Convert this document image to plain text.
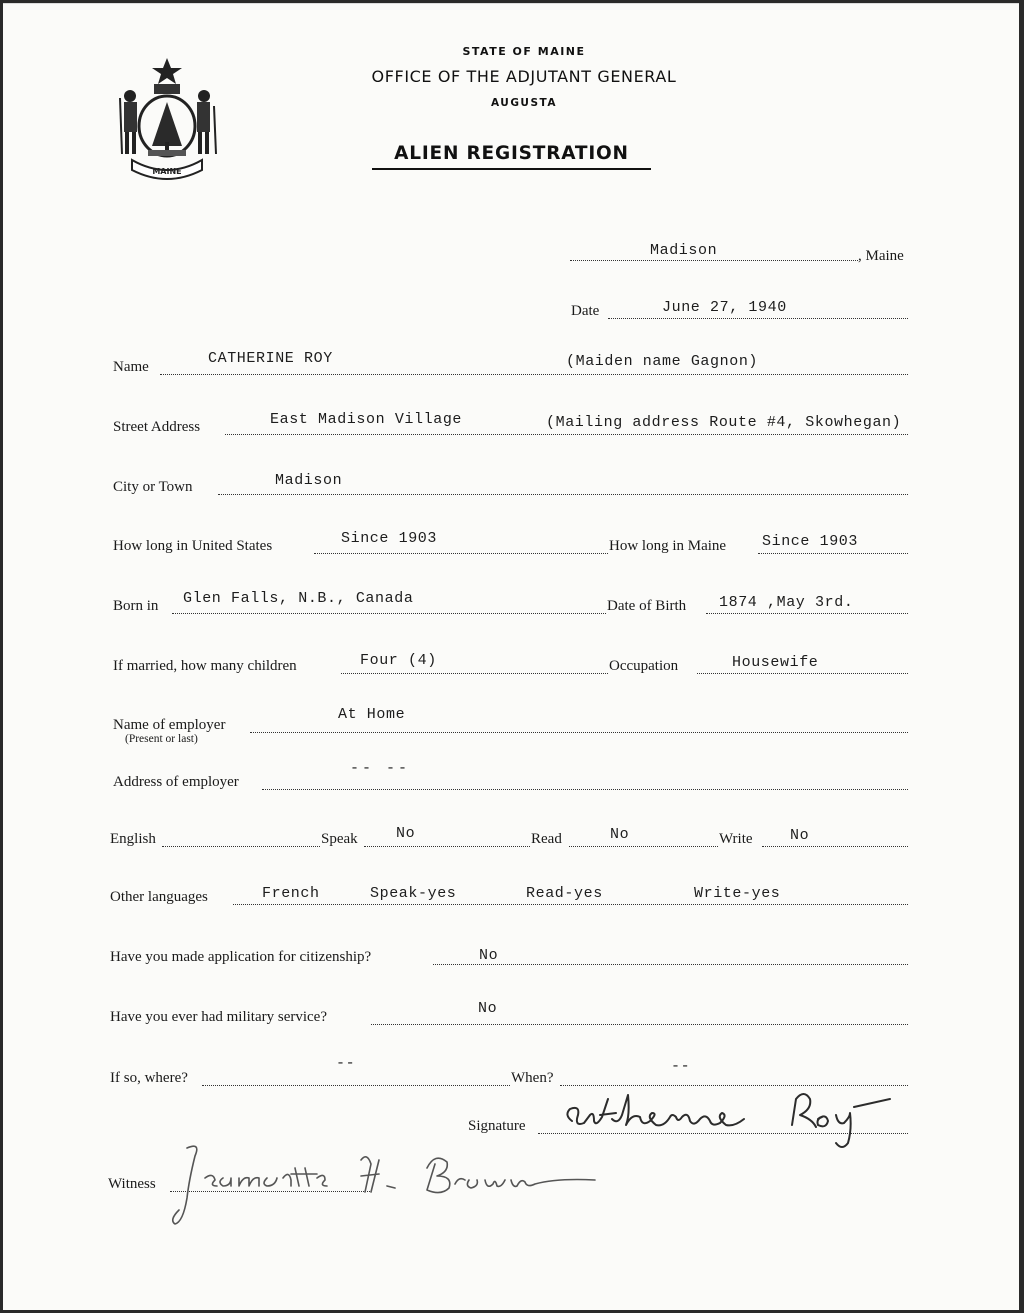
MAINE
STATE OF MAINE
OFFICE OF THE ADJUTANT GENERAL
AUGUSTA
ALIEN REGISTRATION
Madison	, Maine
Date	June 27, 1940
Name	CATHERINE ROY	(Maiden name Gagnon)
Street Address	East Madison Village	(Mailing address Route #4, Skowhegan)
City or Town	Madison
How long in United States	Since 1903	How long in Maine Since 1903
Born in Glen Falls, N.B., Canada	Date of Birth 1874 ,May 3rd.
If married, how many children	Four (4)	Occupation	Housewife
Name of employer
(Present or last)
At Home
Address of employer
-- --
English	Speak	No	Read	No	Write No
Other languages	French	Speak-yes	Read-yes	Write-yes
Have you made application for citizenship?	No
Have you ever had military service?	No
If so, where?
--
When?
--
Signature
Witness
